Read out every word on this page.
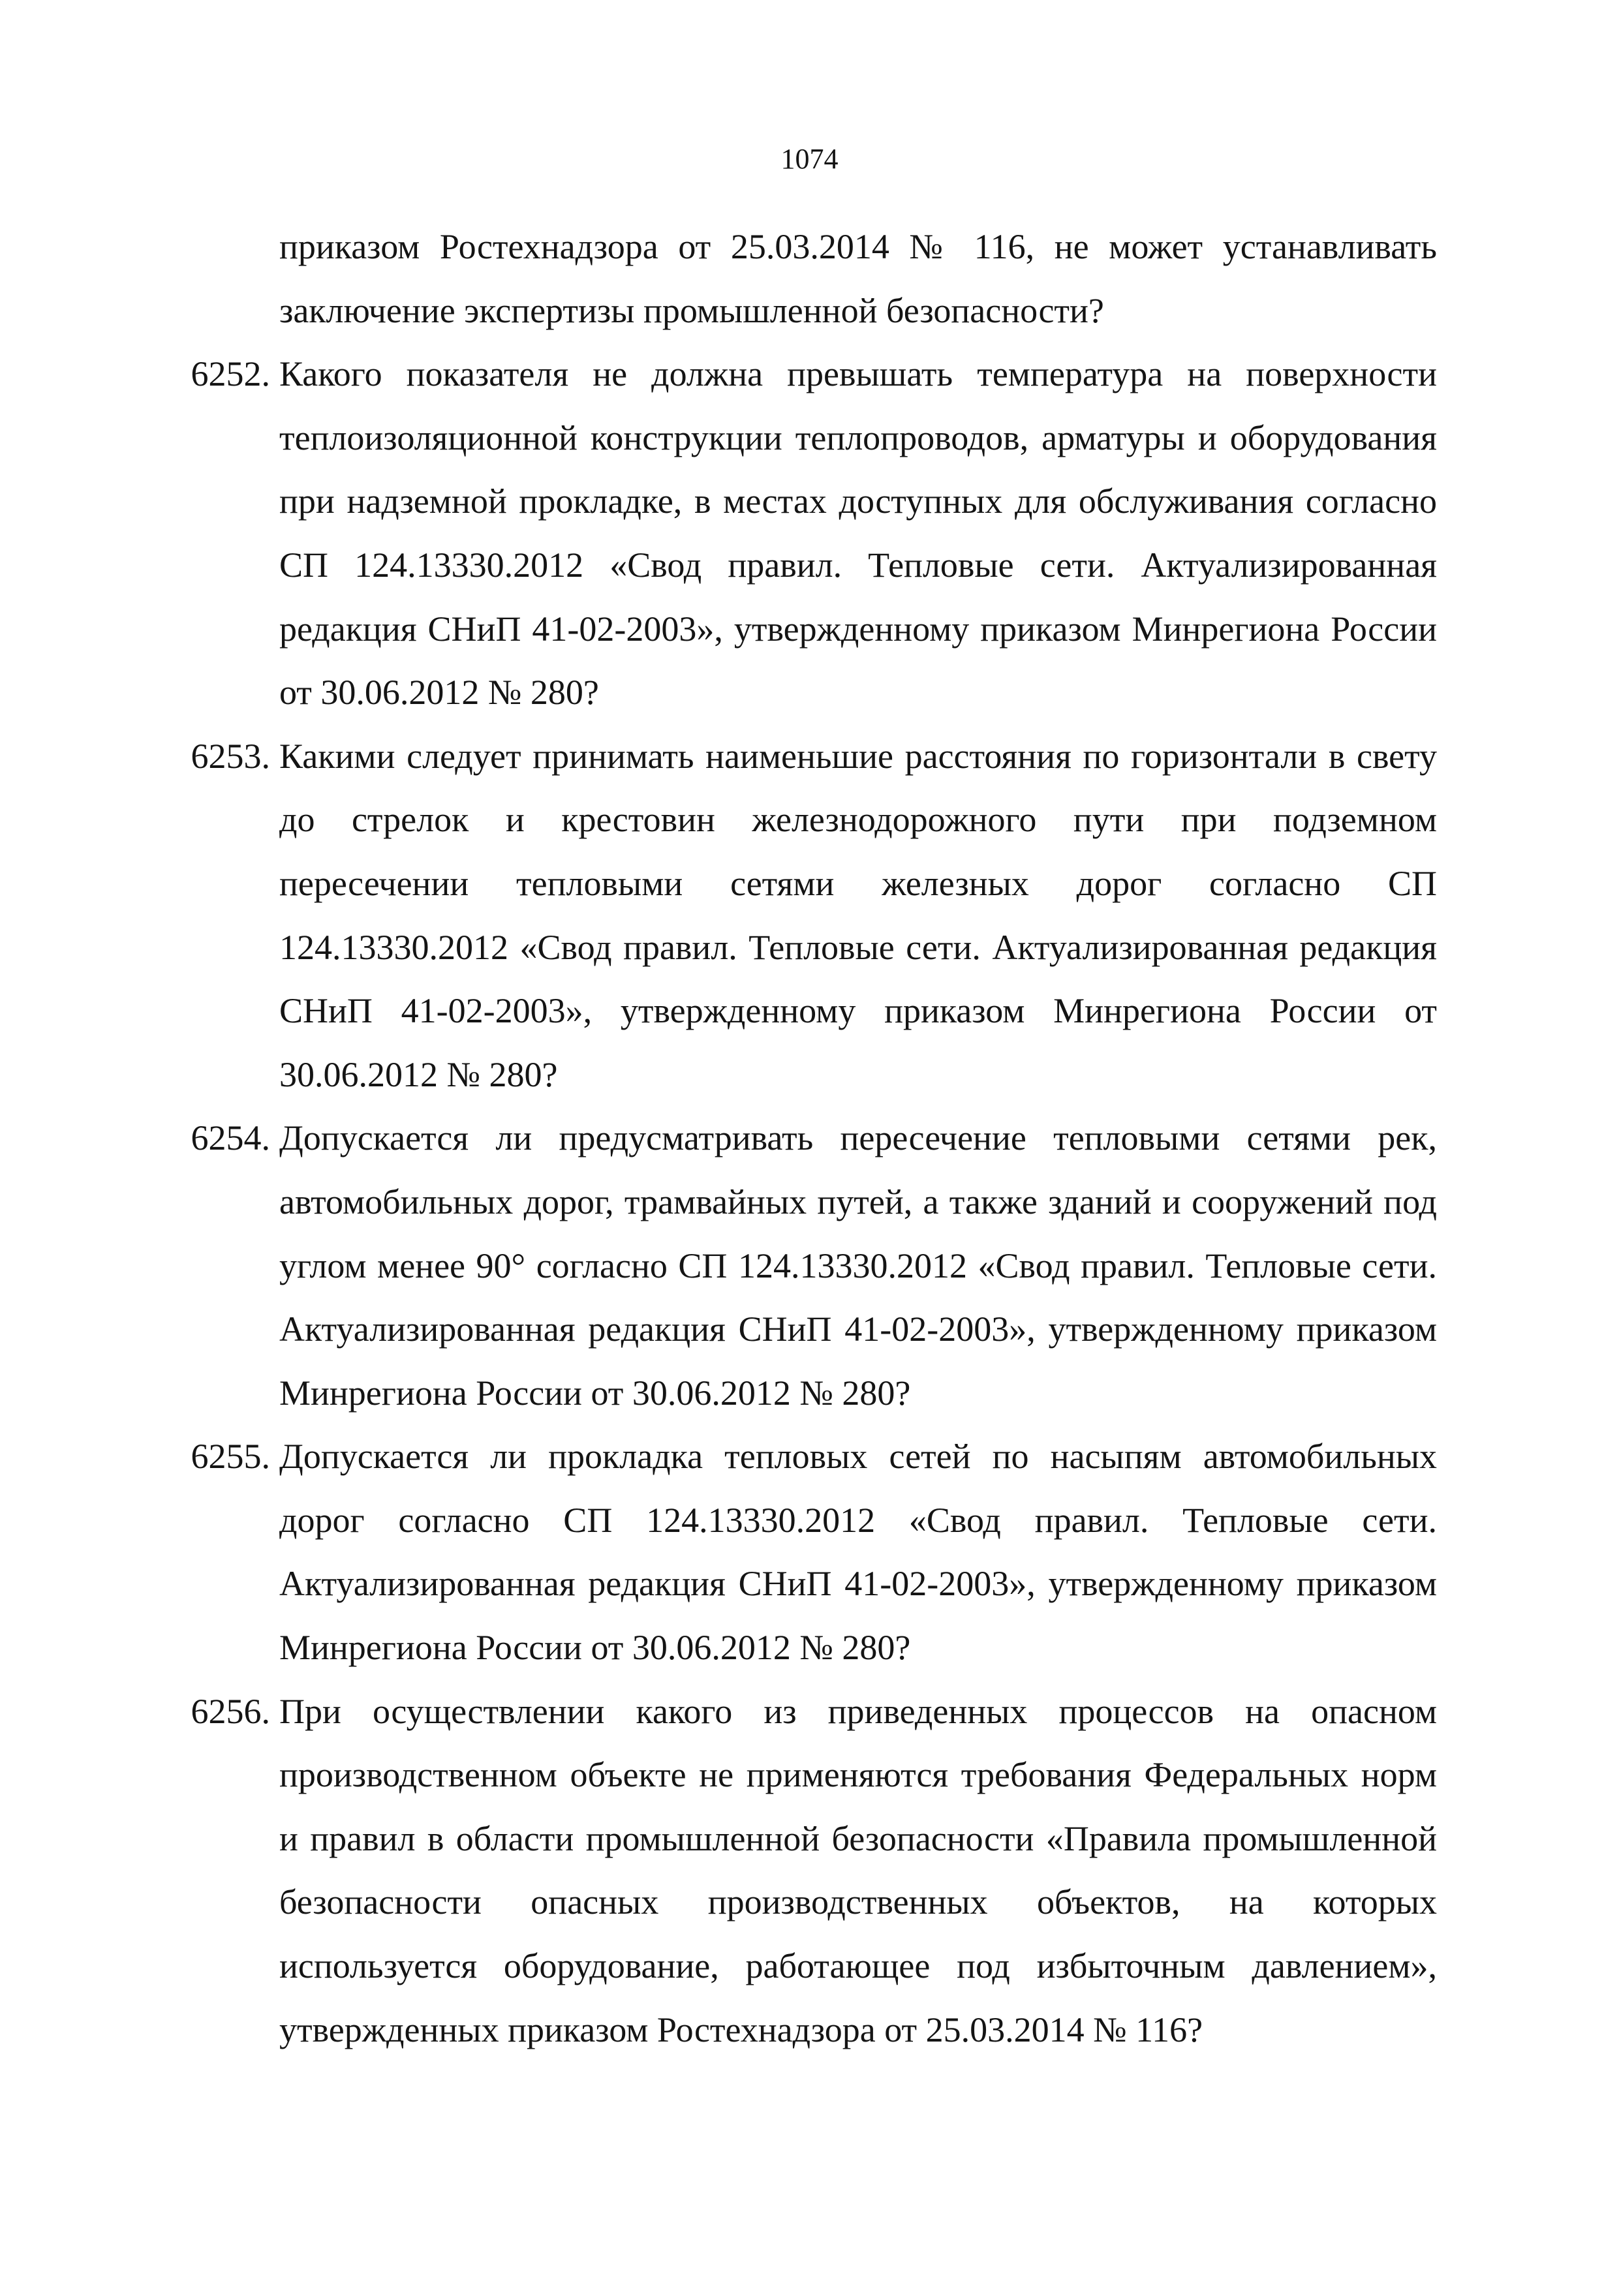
1074

приказом Ростехнадзора от 25.03.2014 № 116, не может устанавливать заключение экспертизы промышленной безопасности?

6252. Какого показателя не должна превышать температура на поверхности теплоизоляционной конструкции теплопроводов, арматуры и оборудования при надземной прокладке, в местах доступных для обслуживания согласно СП 124.13330.2012 «Свод правил. Тепловые сети. Актуализированная редакция СНиП 41-02-2003», утвержденному приказом Минрегиона России от 30.06.2012 № 280?
6253. Какими следует принимать наименьшие расстояния по горизонтали в свету до стрелок и крестовин железнодорожного пути при подземном пересечении тепловыми сетями железных дорог согласно СП 124.13330.2012 «Свод правил. Тепловые сети. Актуализированная редакция СНиП 41-02-2003», утвержденному приказом Минрегиона России от 30.06.2012 № 280?
6254. Допускается ли предусматривать пересечение тепловыми сетями рек, автомобильных дорог, трамвайных путей, а также зданий и сооружений под углом менее 90° согласно СП 124.13330.2012 «Свод правил. Тепловые сети. Актуализированная редакция СНиП 41-02-2003», утвержденному приказом Минрегиона России от 30.06.2012 № 280?
6255. Допускается ли прокладка тепловых сетей по насыпям автомобильных дорог согласно СП 124.13330.2012 «Свод правил. Тепловые сети. Актуализированная редакция СНиП 41-02-2003», утвержденному приказом Минрегиона России от 30.06.2012 № 280?
6256. При осуществлении какого из приведенных процессов на опасном производственном объекте не применяются требования Федеральных норм и правил в области промышленной безопасности «Правила промышленной безопасности опасных производственных объектов, на которых используется оборудование, работающее под избыточным давлением», утвержденных приказом Ростехнадзора от 25.03.2014 № 116?
